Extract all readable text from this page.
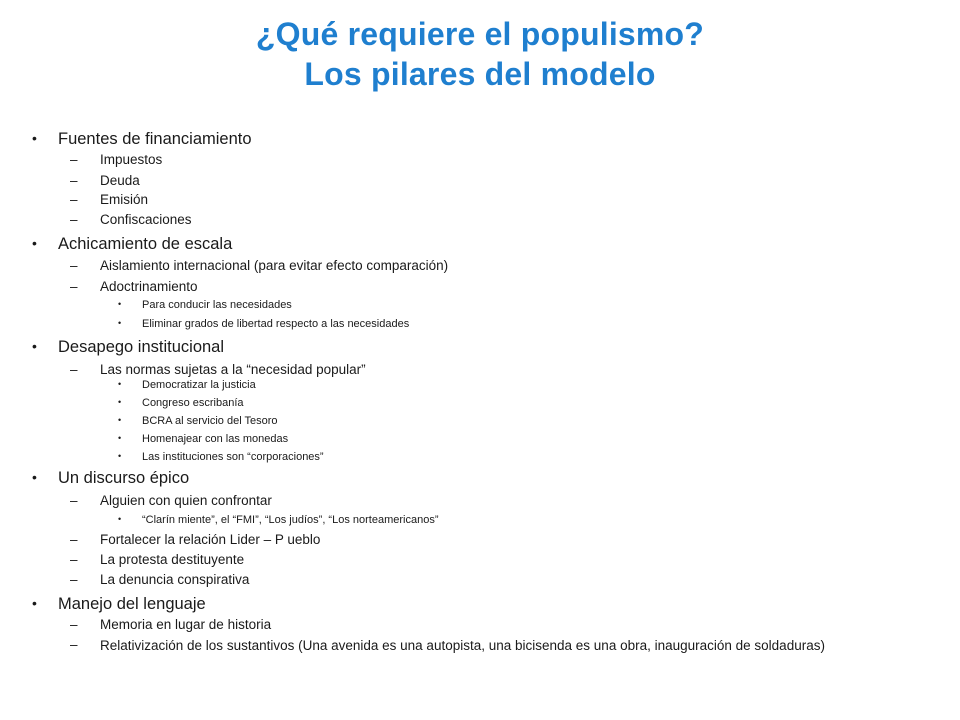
¿Qué requiere el populismo?
Los pilares del modelo
• Fuentes de financiamiento
– Impuestos
– Deuda
– Emisión
– Confiscaciones
• Achicamiento de escala
– Aislamiento internacional (para evitar efecto comparación)
– Adoctrinamiento
• Para conducir las necesidades
• Eliminar grados de libertad respecto a las necesidades
• Desapego institucional
– Las normas sujetas a la “necesidad popular”
• Democratizar la justicia
• Congreso escribanía
• BCRA al servicio del Tesoro
• Homenajear con las monedas
• Las instituciones son “corporaciones”
• Un discurso épico
– Alguien con quien confrontar
• “Clarín miente”, el “FMI”, “Los judíos”, “Los norteamericanos”
– Fortalecer la relación Lider – P ueblo
– La protesta destituyente
– La denuncia conspirativa
• Manejo del lenguaje
– Memoria en lugar de historia
– Relativización de los sustantivos (Una avenida es una autopista, una bicisenda es una obra, inauguración de soldaduras)
